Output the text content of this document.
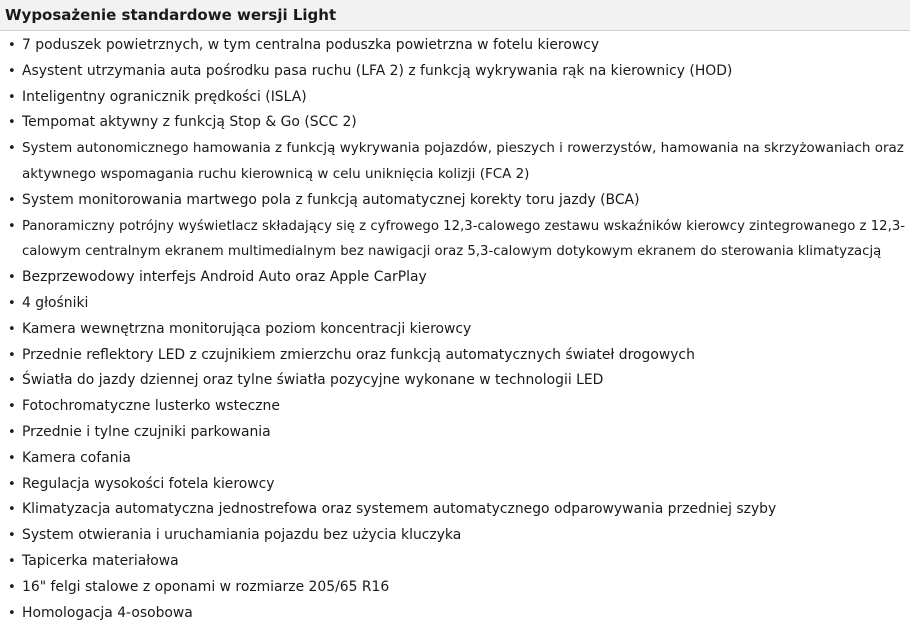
Wyposażenie standardowe wersji Light
• 7 poduszek powietrznych, w tym centralna poduszka powietrzna w fotelu kierowcy
• Asystent utrzymania auta pośrodku pasa ruchu (LFA 2) z funkcją wykrywania rąk na kierownicy (HOD)
• Inteligentny ogranicznik prędkości (ISLA)
• Tempomat aktywny z funkcją Stop & Go (SCC 2)
• System autonomicznego hamowania z funkcją wykrywania pojazdów, pieszych i rowerzystów, hamowania na skrzyżowaniach oraz
aktywnego wspomagania ruchu kierownicą w celu uniknięcia kolizji (FCA 2)
• System monitorowania martwego pola z funkcją automatycznej korekty toru jazdy (BCA)
• Panoramiczny potrójny wyświetlacz składający się z cyfrowego 12,3-calowego zestawu wskaźników kierowcy zintegrowanego z 12,3-
calowym centralnym ekranem multimedialnym bez nawigacji oraz 5,3-calowym dotykowym ekranem do sterowania klimatyzacją
• Bezprzewodowy interfejs Android Auto oraz Apple CarPlay
• 4 głośniki
• Kamera wewnętrzna monitorująca poziom koncentracji kierowcy
• Przednie reflektory LED z czujnikiem zmierzchu oraz funkcją automatycznych świateł drogowych
• Światła do jazdy dziennej oraz tylne światła pozycyjne wykonane w technologii LED
• Fotochromatyczne lusterko wsteczne
• Przednie i tylne czujniki parkowania
• Kamera cofania
• Regulacja wysokości fotela kierowcy
• Klimatyzacja automatyczna jednostrefowa oraz systemem automatycznego odparowywania przedniej szyby
• System otwierania i uruchamiania pojazdu bez użycia kluczyka
• Tapicerka materiałowa
• 16" felgi stalowe z oponami w rozmiarze 205/65 R16
• Homologacja 4-osobowa
